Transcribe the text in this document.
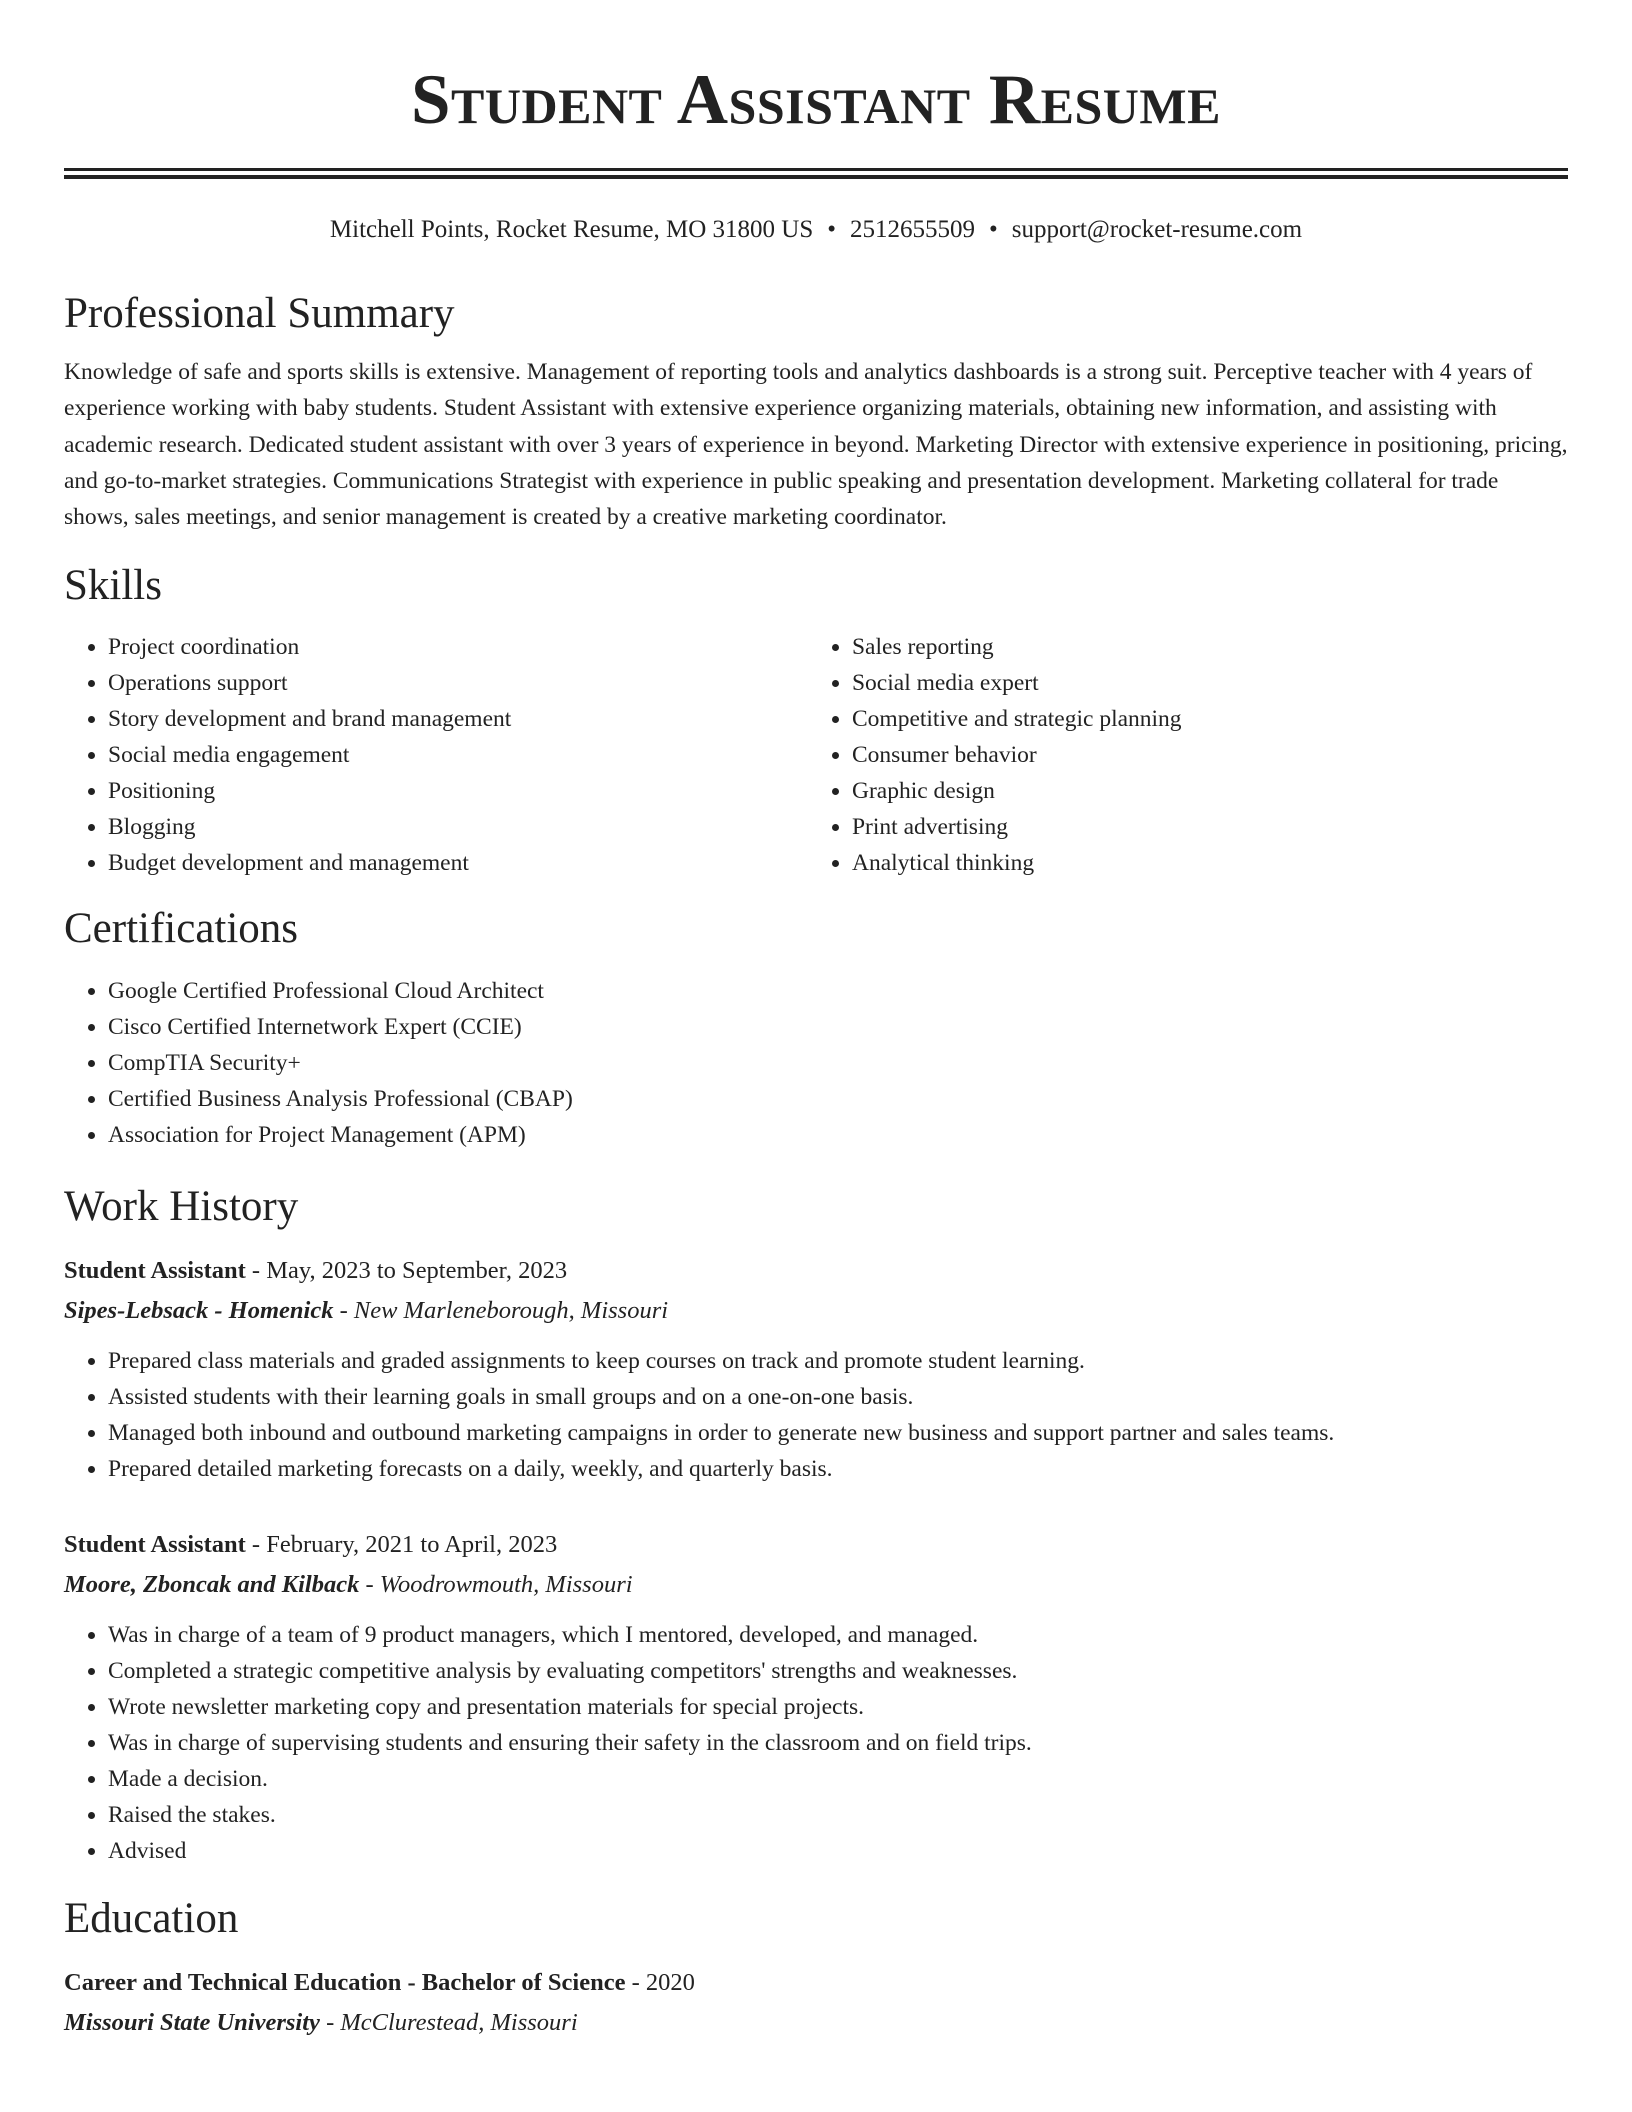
Student Assistant Resume
Mitchell Points, Rocket Resume, MO 31800 US • 2512655509 • support@rocket-resume.com
Professional Summary

Knowledge of safe and sports skills is extensive. Management of reporting tools and analytics dashboards is a strong suit. Perceptive teacher with 4 years of experience working with baby students. Student Assistant with extensive experience organizing materials, obtaining new information, and assisting with academic research. Dedicated student assistant with over 3 years of experience in beyond. Marketing Director with extensive experience in positioning, pricing, and go-to-market strategies. Communications Strategist with experience in public speaking and presentation development. Marketing collateral for trade shows, sales meetings, and senior management is created by a creative marketing coordinator.

Skills
• Project coordination
• Operations support
• Story development and brand management
• Social media engagement
• Positioning
• Blogging
• Budget development and management
• Sales reporting
• Social media expert
• Competitive and strategic planning
• Consumer behavior
• Graphic design
• Print advertising
• Analytical thinking
Certifications
• Google Certified Professional Cloud Architect
• Cisco Certified Internetwork Expert (CCIE)
• CompTIA Security+
• Certified Business Analysis Professional (CBAP)
• Association for Project Management (APM)
Work History
Student Assistant - May, 2023 to September, 2023
Sipes-Lebsack - Homenick - New Marleneborough, Missouri
• Prepared class materials and graded assignments to keep courses on track and promote student learning.
• Assisted students with their learning goals in small groups and on a one-on-one basis.
• Managed both inbound and outbound marketing campaigns in order to generate new business and support partner and sales teams.
• Prepared detailed marketing forecasts on a daily, weekly, and quarterly basis.
Student Assistant - February, 2021 to April, 2023
Moore, Zboncak and Kilback - Woodrowmouth, Missouri
• Was in charge of a team of 9 product managers, which I mentored, developed, and managed.
• Completed a strategic competitive analysis by evaluating competitors' strengths and weaknesses.
• Wrote newsletter marketing copy and presentation materials for special projects.
• Was in charge of supervising students and ensuring their safety in the classroom and on field trips.
• Made a decision.
• Raised the stakes.
• Advised
Education
Career and Technical Education - Bachelor of Science - 2020
Missouri State University - McClurestead, Missouri
